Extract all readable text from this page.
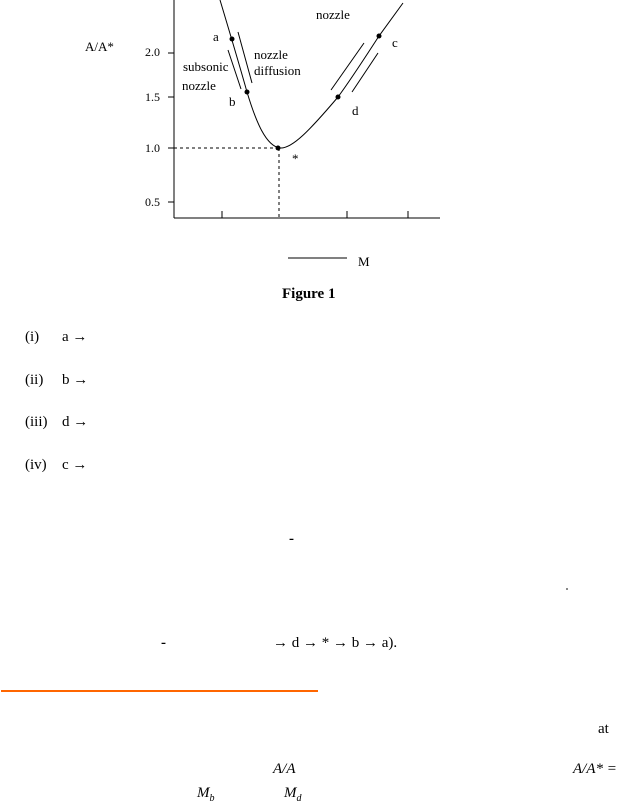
A/A*	2.0
1.5
1.0
0.5
nozzle
a	c
nozzle
diffusion
subsonic
nozzle
b
d
*
M
Figure 1
(i) a →
(ii) b →
(iii) d →
(iv) c →
-
-	→ d → * → b → a).
at
A/A	A/A* =
$M_b$	$M_d$
